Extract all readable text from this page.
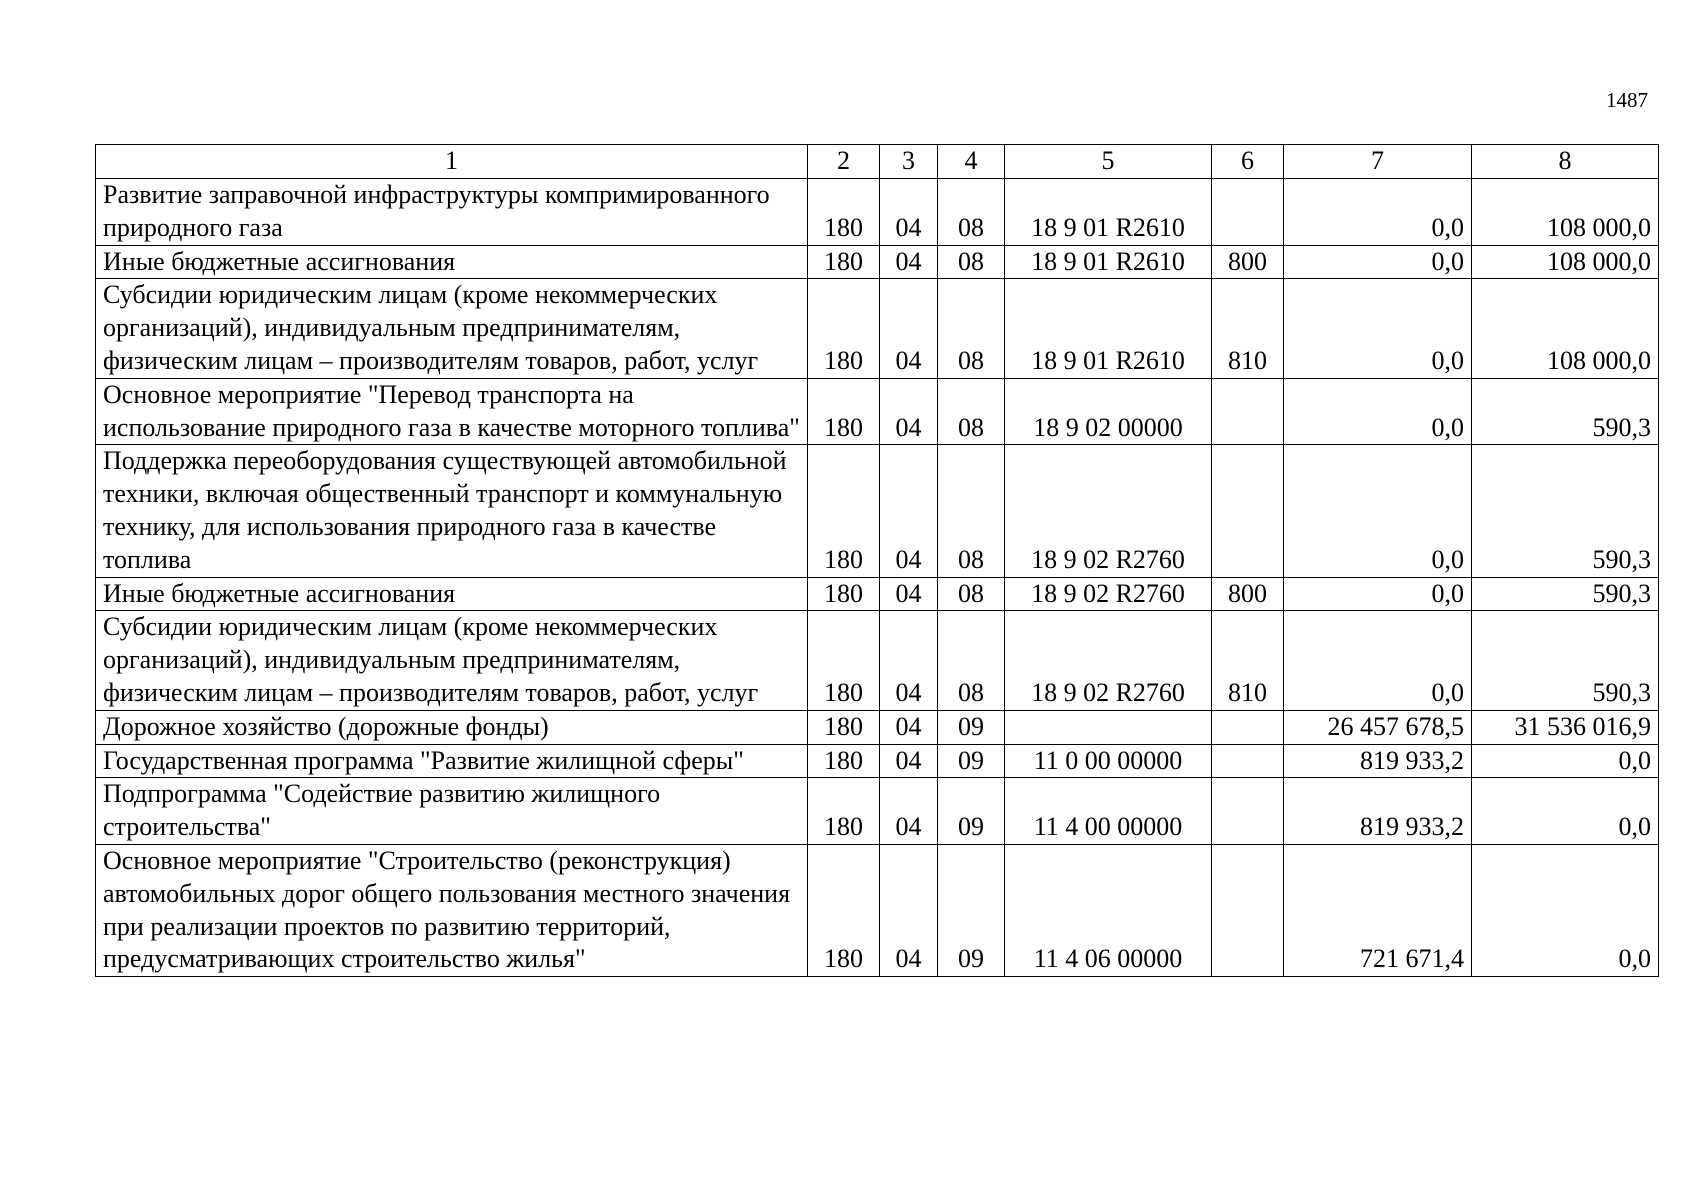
1487
1	2	3	4	5	6	7	8
Развитие заправочной инфраструктуры компримированного природного газа	180	04	08	18 9 01 R2610		0,0	108 000,0
Иные бюджетные ассигнования	180	04	08	18 9 01 R2610	800	0,0	108 000,0
Субсидии юридическим лицам (кроме некоммерческих организаций), индивидуальным предпринимателям, физическим лицам – производителям товаров, работ, услуг	180	04	08	18 9 01 R2610	810	0,0	108 000,0
Основное мероприятие "Перевод транспорта на использование природного газа в качестве моторного топлива"	180	04	08	18 9 02 00000		0,0	590,3
Поддержка переоборудования существующей автомобильной техники, включая общественный транспорт и коммунальную технику, для использования природного газа в качестве топлива	180	04	08	18 9 02 R2760		0,0	590,3
Иные бюджетные ассигнования	180	04	08	18 9 02 R2760	800	0,0	590,3
Субсидии юридическим лицам (кроме некоммерческих организаций), индивидуальным предпринимателям, физическим лицам – производителям товаров, работ, услуг	180	04	08	18 9 02 R2760	810	0,0	590,3
Дорожное хозяйство (дорожные фонды)	180	04	09			26 457 678,5	31 536 016,9
Государственная программа "Развитие жилищной сферы"	180	04	09	11 0 00 00000		819 933,2	0,0
Подпрограмма "Содействие развитию жилищного строительства"	180	04	09	11 4 00 00000		819 933,2	0,0
Основное мероприятие "Строительство (реконструкция) автомобильных дорог общего пользования местного значения при реализации проектов по развитию территорий, предусматривающих строительство жилья"	180	04	09	11 4 06 00000		721 671,4	0,0
